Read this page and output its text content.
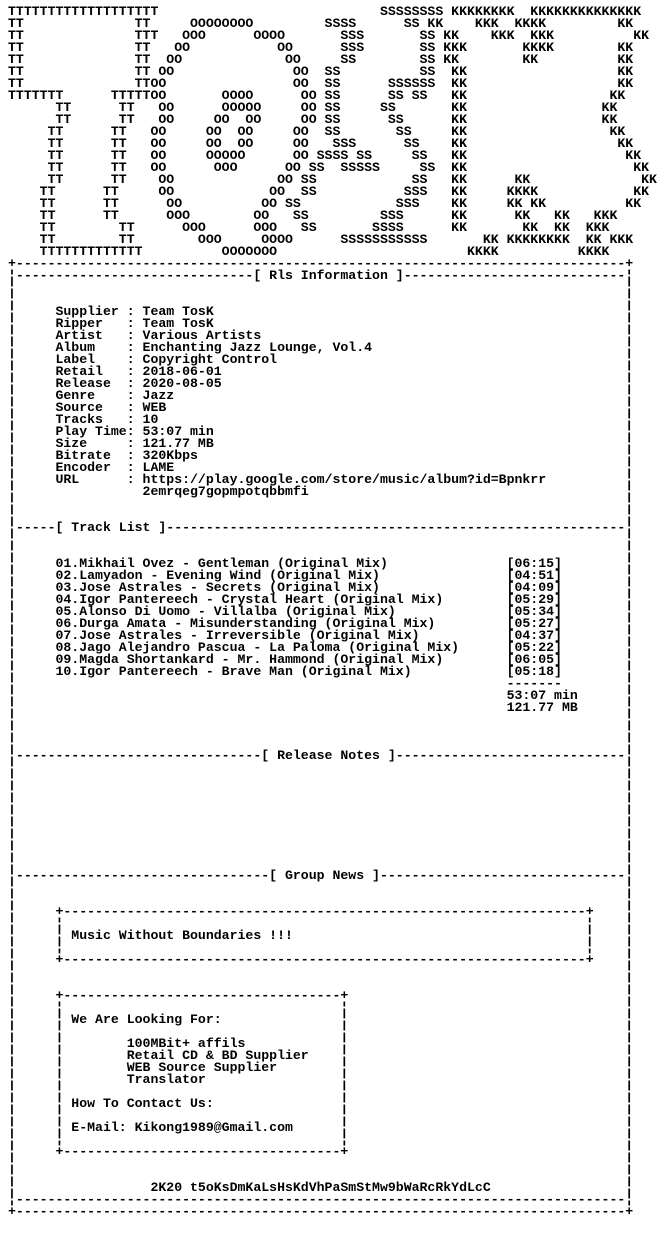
TTTTTTTTTTTTTTTTTTT                            SSSSSSSS KKKKKKKK  KKKKKKKKKKKKKK
TT              TT     OOOOOOOO         SSSS      SS KK    KKK  KKKK         KK
TT              TTT   OOO      OOOO       SSS       SS KK    KKK  KKK          KK
TT              TT   OO           OO      SSS       SS KKK       KKKK        KK
TT              TT  OO             OO     SS        SS KK        KK          KK
TT              TT OO               OO  SS          SS  KK                   KK
TT              TTOO                OO  SS      SSSSSS  KK                   KK
TTTTTTT      TTTTTOO       OOOO      OO SS      SS SS   KK                  KK
TT      TT   OO      OOOOO     OO SS     SS       KK                 KK
TT      TT   OO     OO  OO     OO SS      SS      KK                 KK
TT      TT   OO     OO  OO     OO  SS       SS     KK                  KK
TT      TT   OO     OO  OO     OO   SSS      SS    KK                   KK
TT      TT   OO     OOOOO      OO SSSS SS     SS   KK                    KK
TT      TT   OO      OOO      OO SS  SSSSS     SS  KK                     KK
TT      TT    OO             OO SS            SS   KK      KK              KK
TT      TT     OO            OO  SS           SSS   KK     KKKK            KK
TT      TT      OO          OO SS            SSS    KK     KK KK          KK
TT      TT      OOO        OO   SS         SSS      KK      KK   KK   KKK
TT        TT      OOO      OOO   SS       SSSS      KK       KK  KK  KKK
TT        TT        OOO     OOOO      SSSSSSSSSSS       KK KKKKKKKK  KK KKK
TTTTTTTTTTTTT          OOOOOOO                        KKKK          KKKK
+-----------------------------------------------------------------------------+
¦------------------------------[ Rls Information ]----------------------------¦
¦                                                                             ¦
¦                                                                             ¦
¦     Supplier : Team TosK                                                    ¦
¦     Ripper   : Team TosK                                                    ¦
¦     Artist   : Various Artists                                              ¦
¦     Album    : Enchanting Jazz Lounge, Vol.4                                ¦
¦     Label    : Copyright Control                                            ¦
¦     Retail   : 2018-06-01                                                   ¦
¦     Release  : 2020-08-05                                                   ¦
¦     Genre    : Jazz                                                         ¦
¦     Source   : WEB                                                          ¦
¦     Tracks   : 10                                                           ¦
¦     Play Time: 53:07 min                                                    ¦
¦     Size     : 121.77 MB                                                    ¦
¦     Bitrate  : 320Kbps                                                      ¦
¦     Encoder  : LAME                                                         ¦
¦     URL      : https://play.google.com/store/music/album?id=Bpnkrr          ¦
¦                2emrqeg7gopmpotqbbmfi                                        ¦
¦                                                                             ¦
¦                                                                             ¦
¦-----[ Track List ]----------------------------------------------------------¦
¦                                                                             ¦
¦                                                                             ¦
¦     01.Mikhail Ovez - Gentleman (Original Mix)               [06:15]        ¦
¦     02.Lamyadon - Evening Wind (Original Mix)                [04:51]        ¦
¦     03.Jose Astrales - Secrets (Original Mix)                [04:09]        ¦
¦     04.Igor Pantereech - Crystal Heart (Original Mix)        [05:29]        ¦
¦     05.Alonso Di Uomo - Villalba (Original Mix)              [05:34]        ¦
¦     06.Durga Amata - Misunderstanding (Original Mix)         [05:27]        ¦
¦     07.Jose Astrales - Irreversible (Original Mix)           [04:37]        ¦
¦     08.Jago Alejandro Pascua - La Paloma (Original Mix)      [05:22]        ¦
¦     09.Magda Shortankard - Mr. Hammond (Original Mix)        [06:05]        ¦
¦     10.Igor Pantereech - Brave Man (Original Mix)            [05:18]        ¦
¦                                                              -------        ¦
¦                                                              53:07 min      ¦
¦                                                              121.77 MB      ¦
¦                                                                             ¦
¦                                                                             ¦
¦                                                                             ¦
¦-------------------------------[ Release Notes ]-----------------------------¦
¦                                                                             ¦
¦                                                                             ¦
¦                                                                             ¦
¦                                                                             ¦
¦                                                                             ¦
¦                                                                             ¦
¦                                                                             ¦
¦                                                                             ¦
¦                                                                             ¦
¦--------------------------------[ Group News ]-------------------------------¦
¦                                                                             ¦
¦                                                                             ¦
¦     +------------------------------------------------------------------+    ¦
¦     ¦                                                                  ¦    ¦
¦     ¦ Music Without Boundaries !!!                                     ¦    ¦
¦     ¦                                                                  ¦    ¦
¦     +------------------------------------------------------------------+    ¦
¦                                                                             ¦
¦                                                                             ¦
¦     +-----------------------------------+                                   ¦
¦     ¦                                   ¦                                   ¦
¦     ¦ We Are Looking For:               ¦                                   ¦
¦     ¦                                   ¦                                   ¦
¦     ¦        100MBit+ affils            ¦                                   ¦
¦     ¦        Retail CD & BD Supplier    ¦                                   ¦
¦     ¦        WEB Source Supplier        ¦                                   ¦
¦     ¦        Translator                 ¦                                   ¦
¦     ¦                                   ¦                                   ¦
¦     ¦ How To Contact Us:                ¦                                   ¦
¦     ¦                                   ¦                                   ¦
¦     ¦ E-Mail: Kikong1989@Gmail.com      ¦                                   ¦
¦     ¦                                   ¦                                   ¦
¦     +-----------------------------------+                                   ¦
¦                                                                             ¦
¦                                                                             ¦
¦                 2K20 t5oKsDmKaLsHsKdVhPaSmStMw9bWaRcRkYdLcC                 ¦
¦-----------------------------------------------------------------------------¦
+-----------------------------------------------------------------------------+
